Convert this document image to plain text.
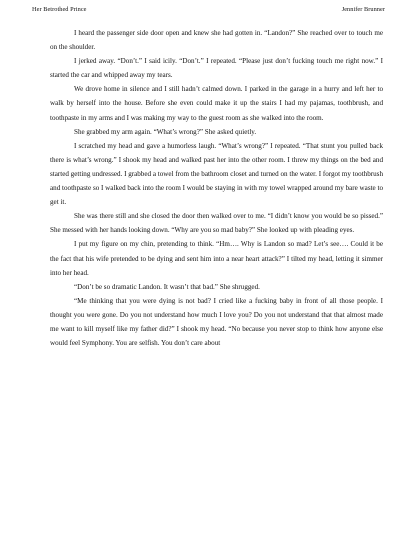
Her Betrothed Prince	Jennifer Brunner

I heard the passenger side door open and knew she had gotten in. “Landon?” She reached over to touch me on the shoulder.

I jerked away. “Don’t.” I said icily. “Don’t.” I repeated. “Please just don’t fucking touch me right now.” I started the car and whipped away my tears.

We drove home in silence and I still hadn’t calmed down. I parked in the garage in a hurry and left her to walk by herself into the house. Before she even could make it up the stairs I had my pajamas, toothbrush, and toothpaste in my arms and I was making my way to the guest room as she walked into the room.

She grabbed my arm again. “What’s wrong?” She asked quietly.

I scratched my head and gave a humorless laugh. “What’s wrong?” I repeated. “That stunt you pulled back there is what’s wrong.” I shook my head and walked past her into the other room. I threw my things on the bed and started getting undressed. I grabbed a towel from the bathroom closet and turned on the water. I forgot my toothbrush and toothpaste so I walked back into the room I would be staying in with my towel wrapped around my bare waste to get it.

She was there still and she closed the door then walked over to me. “I didn’t know you would be so pissed.” She messed with her hands looking down. “Why are you so mad baby?” She looked up with pleading eyes.

I put my figure on my chin, pretending to think. “Hm…. Why is Landon so mad? Let’s see…. Could it be the fact that his wife pretended to be dying and sent him into a near heart attack?” I tilted my head, letting it simmer into her head.

“Don’t be so dramatic Landon. It wasn’t that bad.” She shrugged.

“Me thinking that you were dying is not bad? I cried like a fucking baby in front of all those people. I thought you were gone. Do you not understand how much I love you? Do you not understand that that almost made me want to kill myself like my father did?” I shook my head. “No because you never stop to think how anyone else would feel Symphony. You are selfish. You don’t care about
